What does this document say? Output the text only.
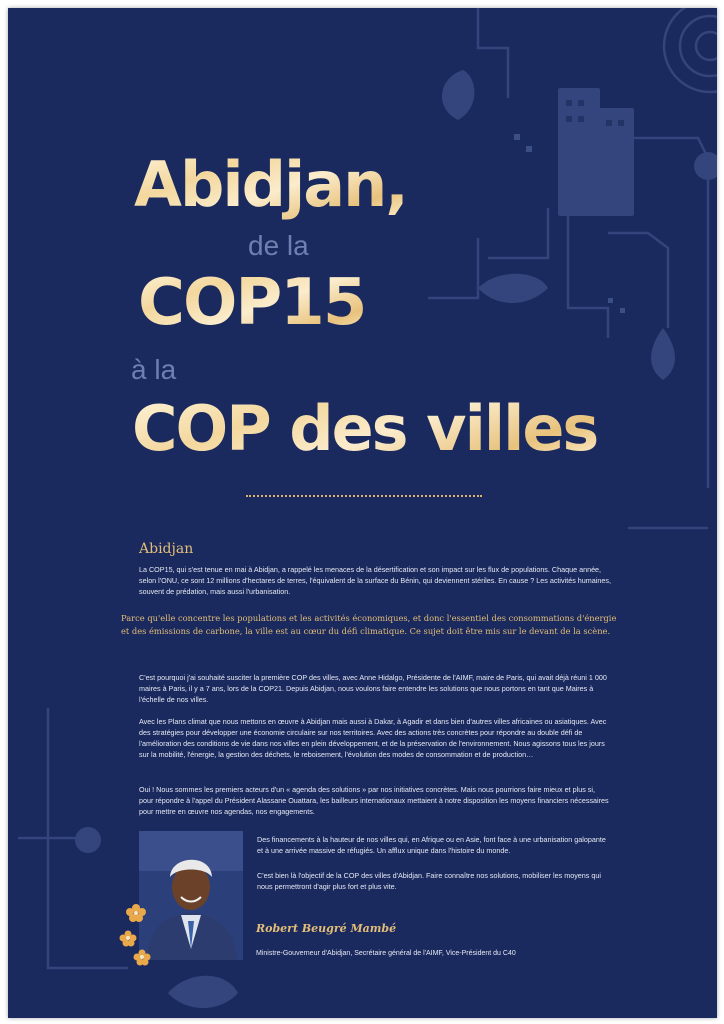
Abidjan,
de la
COP15
à la
COP des villes
Abidjan

La COP15, qui s'est tenue en mai à Abidjan, a rappelé les menaces de la désertification et son impact sur les flux de populations. Chaque année, selon l'ONU, ce sont 12 millions d'hectares de terres, l'équivalent de la surface du Bénin, qui deviennent stériles. En cause ? Les activités humaines, souvent de prédation, mais aussi l'urbanisation.

Parce qu'elle concentre les populations et les activités économiques, et donc l'essentiel des consommations d'énergie et des émissions de carbone, la ville est au cœur du défi climatique. Ce sujet doit être mis sur le devant de la scène.

C'est pourquoi j'ai souhaité susciter la première COP des villes, avec Anne Hidalgo, Présidente de l'AIMF, maire de Paris, qui avait déjà réuni 1 000 maires à Paris, il y a 7 ans, lors de la COP21. Depuis Abidjan, nous voulons faire entendre les solutions que nous portons en tant que Maires à l'échelle de nos villes.

Avec les Plans climat que nous mettons en œuvre à Abidjan mais aussi à Dakar, à Agadir et dans bien d'autres villes africaines ou asiatiques. Avec des stratégies pour développer une économie circulaire sur nos territoires. Avec des actions très concrètes pour répondre au double défi de l'amélioration des conditions de vie dans nos villes en plein développement, et de la préservation de l'environnement. Nous agissons tous les jours sur la mobilité, l'énergie, la gestion des déchets, le reboisement, l'évolution des modes de consommation et de production…

Oui ! Nous sommes les premiers acteurs d'un « agenda des solutions » par nos initiatives concrètes. Mais nous pourrions faire mieux et plus si, pour répondre à l'appel du Président Alassane Ouattara, les bailleurs internationaux mettaient à notre disposition les moyens financiers nécessaires pour mettre en œuvre nos agendas, nos engagements.

Des financements à la hauteur de nos villes qui, en Afrique ou en Asie, font face à une urbanisation galopante et à une arrivée massive de réfugiés. Un afflux unique dans l'histoire du monde.

C'est bien là l'objectif de la COP des villes d'Abidjan. Faire connaître nos solutions, mobiliser les moyens qui nous permettront d'agir plus fort et plus vite.

Robert Beugré Mambé
Ministre-Gouverneur d'Abidjan, Secrétaire général de l'AIMF, Vice-Président du C40
